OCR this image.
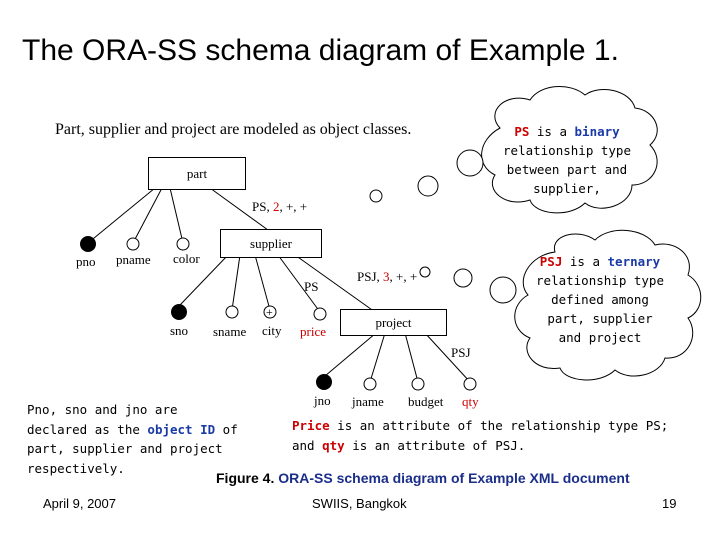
The ORA-SS schema diagram of Example 1.
Part, supplier and project are modeled as object classes.
part
supplier
project
PS, 2, +, +
PSJ, 3, +, +
pno pname color
PS
sno sname
+
city price
PSJ
jno jname budget qty
PS is a binary
relationship type
between part and
supplier,
PSJ is a ternary
relationship type
defined among
part, supplier
and project
Pno, sno and jno are
declared as the object ID of
part, supplier and project
respectively.
Price is an attribute of the relationship type PS;
and qty is an attribute of PSJ.
Figure 4. ORA-SS schema diagram of Example XML document
April 9, 2007	SWIIS, Bangkok	19
